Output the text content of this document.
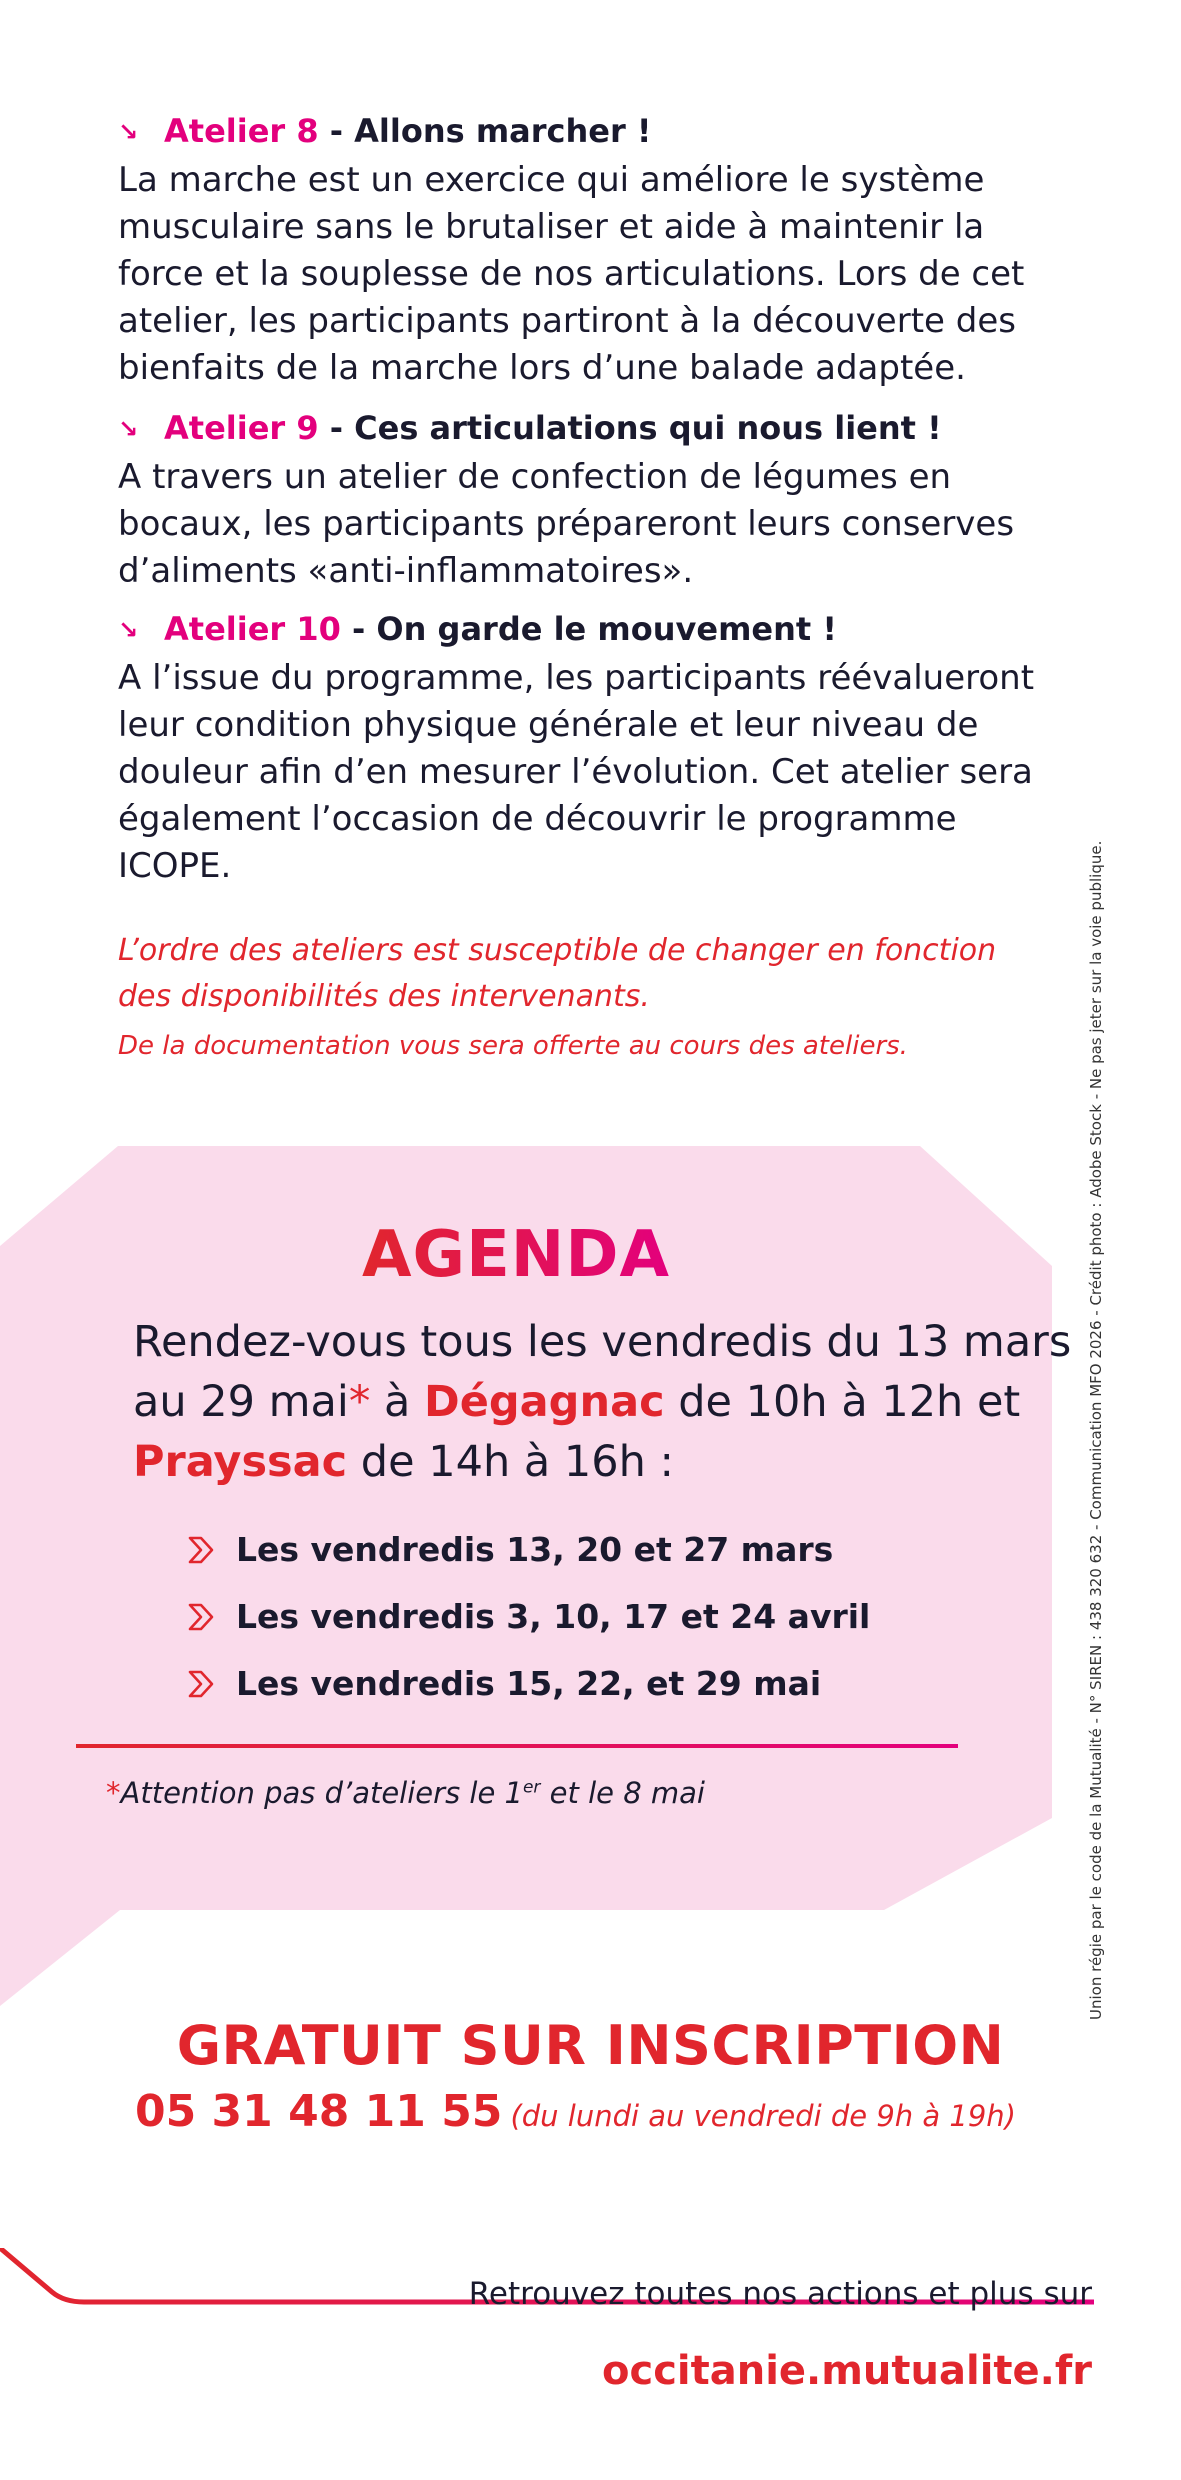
↘ Atelier 8 - Allons marcher !

La marche est un exercice qui améliore le système musculaire sans le brutaliser et aide à maintenir la force et la souplesse de nos articulations. Lors de cet atelier, les participants partiront à la découverte des bienfaits de la marche lors d’une balade adaptée.

↘ Atelier 9 - Ces articulations qui nous lient !

A travers un atelier de confection de légumes en bocaux, les participants prépareront leurs conserves d’aliments «anti-inflammatoires».

↘ Atelier 10 - On garde le mouvement !

A l’issue du programme, les participants réévalueront leur condition physique générale et leur niveau de douleur afin d’en mesurer l’évolution. Cet atelier sera également l’occasion de découvrir le programme ICOPE.

L’ordre des ateliers est susceptible de changer en fonction des disponibilités des intervenants.

De la documentation vous sera offerte au cours des ateliers.

AGENDA

Rendez-vous tous les vendredis du 13 mars au 29 mai* à Dégagnac de 10h à 12h et Prayssac de 14h à 16h :

Les vendredis 13, 20 et 27 mars
Les vendredis 3, 10, 17 et 24 avril
Les vendredis 15, 22, et 29 mai

*Attention pas d’ateliers le 1er et le 8 mai

GRATUIT SUR INSCRIPTION
05 31 48 11 55 (du lundi au vendredi de 9h à 19h)
Union régie par le code de la Mutualité - N° SIREN : 438 320 632 - Communication MFO 2026 - Crédit photo : Adobe Stock - Ne pas jeter sur la voie publique.
Retrouvez toutes nos actions et plus sur
occitanie.mutualite.fr
